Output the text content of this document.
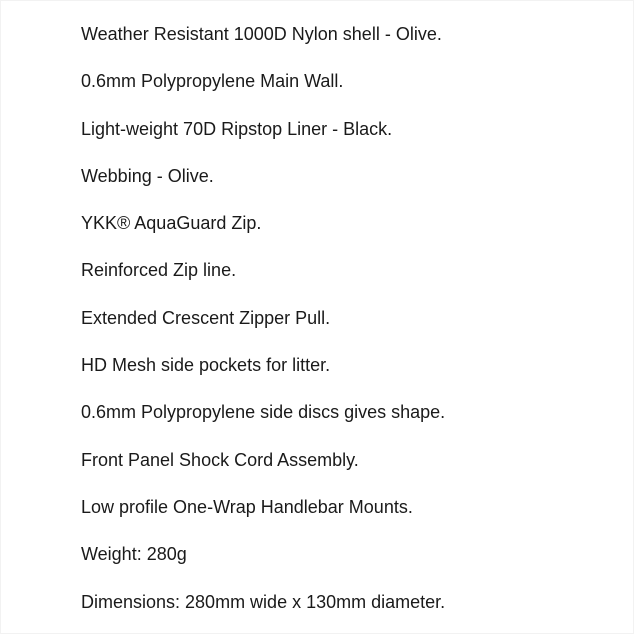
Weather Resistant 1000D Nylon shell - Olive.
0.6mm Polypropylene Main Wall.
Light-weight 70D Ripstop Liner - Black.
Webbing - Olive.
YKK® AquaGuard Zip.
Reinforced Zip line.
Extended Crescent Zipper Pull.
HD Mesh side pockets for litter.
0.6mm Polypropylene side discs gives shape.
Front Panel Shock Cord Assembly.
Low profile One-Wrap Handlebar Mounts.
Weight: 280g
Dimensions: 280mm wide x 130mm diameter.
